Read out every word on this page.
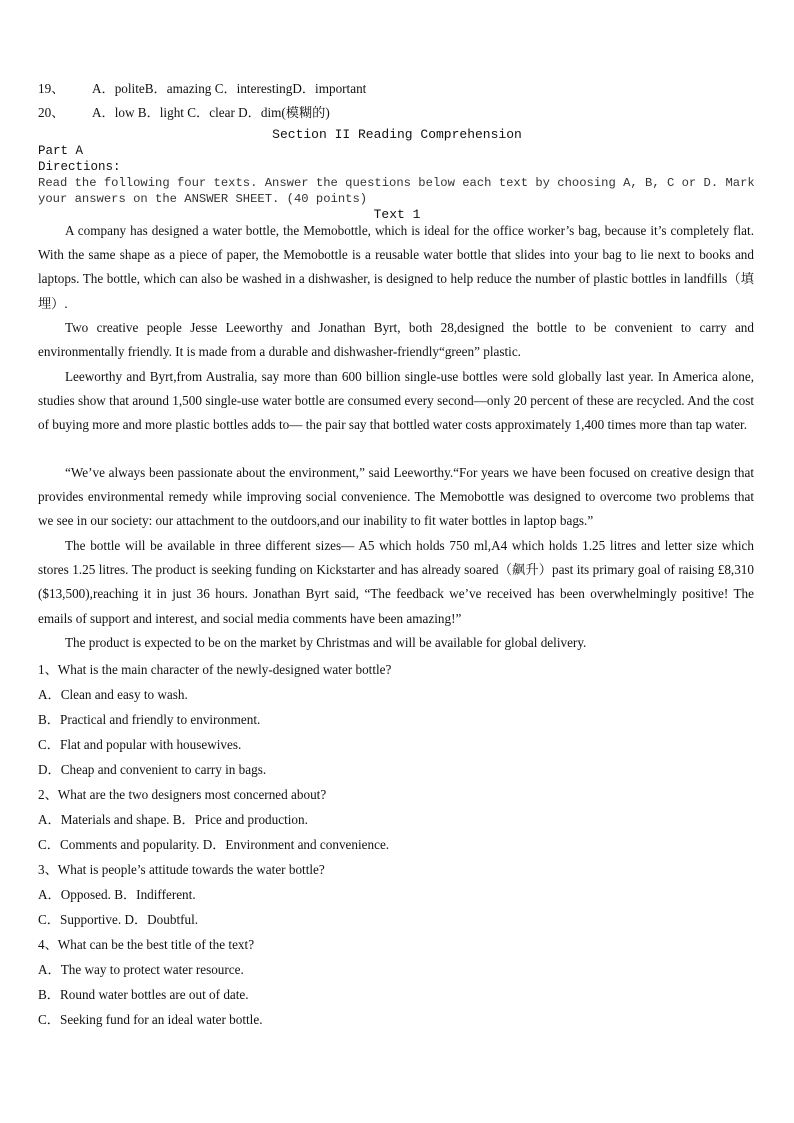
19、 A．politeB．amazing C．interestingD．important
20、 A．low B．light C．clear D．dim(模糊的)
Section II Reading Comprehension
Part A
Directions:
Read the following four texts. Answer the questions below each text by choosing A, B, C or D. Mark your answers on the ANSWER SHEET. (40 points)
Text 1
A company has designed a water bottle, the Memobottle, which is ideal for the office worker’s bag, because it’s completely flat. With the same shape as a piece of paper, the Memobottle is a reusable water bottle that slides into your bag to lie next to books and laptops. The bottle, which can also be washed in a dishwasher, is designed to help reduce the number of plastic bottles in landfills（填埋）.
Two creative people Jesse Leeworthy and Jonathan Byrt, both 28,designed the bottle to be convenient to carry and environmentally friendly. It is made from a durable and dishwasher-friendly“green” plastic.
Leeworthy and Byrt,from Australia, say more than 600 billion single-use bottles were sold globally last year. In America alone, studies show that around 1,500 single-use water bottle are consumed every second—only 20 percent of these are recycled. And the cost of buying more and more plastic bottles adds to— the pair say that bottled water costs approximately 1,400 times more than tap water.
“We’ve always been passionate about the environment,” said Leeworthy.“For years we have been focused on creative design that provides environmental remedy while improving social convenience. The Memobottle was designed to overcome two problems that we see in our society: our attachment to the outdoors,and our inability to fit water bottles in laptop bags.”
The bottle will be available in three different sizes— A5 which holds 750 ml,A4 which holds 1.25 litres and letter size which stores 1.25 litres. The product is seeking funding on Kickstarter and has already soared（飙升）past its primary goal of raising £8,310 ($13,500),reaching it in just 36 hours. Jonathan Byrt said, “The feedback we’ve received has been overwhelmingly positive! The emails of support and interest, and social media comments have been amazing!”
The product is expected to be on the market by Christmas and will be available for global delivery.
1、What is the main character of the newly-designed water bottle?
A．Clean and easy to wash.
B．Practical and friendly to environment.
C．Flat and popular with housewives.
D．Cheap and convenient to carry in bags.
2、What are the two designers most concerned about?
A．Materials and shape. B．Price and production.
C．Comments and popularity. D．Environment and convenience.
3、What is people’s attitude towards the water bottle?
A．Opposed. B．Indifferent.
C．Supportive. D．Doubtful.
4、What can be the best title of the text?
A．The way to protect water resource.
B．Round water bottles are out of date.
C．Seeking fund for an ideal water bottle.
